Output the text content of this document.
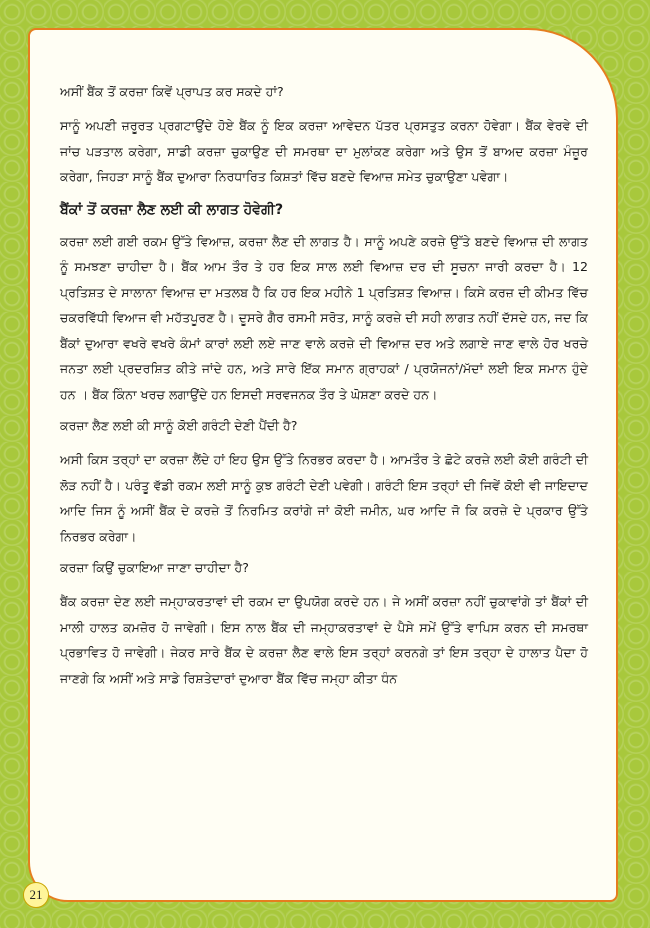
ਅਸੀਂ ਬੈਂਕ ਤੋਂ ਕਰਜ਼ਾ ਕਿਵੇਂ ਪ੍ਰਾਪਤ ਕਰ ਸਕਦੇ ਹਾਂ?
ਸਾਨੂੰ ਅਪਣੀ ਜ਼ਰੂਰਤ ਪ੍ਰਗਟਾਉਂਦੇ ਹੋਏ ਬੈਂਕ ਨੂੰ ਇਕ ਕਰਜ਼ਾ ਆਵੇਦਨ ਪੱਤਰ ਪ੍ਰਸਤੁਤ ਕਰਨਾ ਹੋਵੇਗਾ। ਬੈਂਕ ਵੇਰਵੇ ਦੀ ਜਾਂਚ ਪੜਤਾਲ ਕਰੇਗਾ, ਸਾਡੀ ਕਰਜ਼ਾ ਚੁਕਾਉਣ ਦੀ ਸਮਰਥਾ ਦਾ ਮੁਲਾਂਕਣ ਕਰੇਗਾ ਅਤੇ ਉਸ ਤੋਂ ਬਾਅਦ ਕਰਜ਼ਾ ਮੰਜ਼ੂਰ ਕਰੇਗਾ, ਜਿਹੜਾ ਸਾਨੂੰ ਬੈਂਕ ਦੁਆਰਾ ਨਿਰਧਾਰਿਤ ਕਿਸ਼ਤਾਂ ਵਿੱਚ ਬਣਦੇ ਵਿਆਜ਼ ਸਮੇਤ ਚੁਕਾਉਣਾ ਪਵੇਗਾ।
ਬੈਂਕਾਂ ਤੋਂ ਕਰਜ਼ਾ ਲੈਣ ਲਈ ਕੀ ਲਾਗਤ ਹੋਵੇਗੀ?
ਕਰਜ਼ਾ ਲਈ ਗਈ ਰਕਮ ਉੱਤੇ ਵਿਆਜ਼, ਕਰਜ਼ਾ ਲੈਣ ਦੀ ਲਾਗਤ ਹੈ। ਸਾਨੂੰ ਅਪਣੇ ਕਰਜ਼ੇ ਉੱਤੇ ਬਣਦੇ ਵਿਆਜ਼ ਦੀ ਲਾਗਤ ਨੂੰ ਸਮਝਣਾ ਚਾਹੀਦਾ ਹੈ। ਬੈਂਕ ਆਮ ਤੌਰ ਤੇ ਹਰ ਇਕ ਸਾਲ ਲਈ ਵਿਆਜ਼ ਦਰ ਦੀ ਸੂਚਨਾ ਜਾਰੀ ਕਰਦਾ ਹੈ। 12 ਪ੍ਰਤਿਸ਼ਤ ਦੇ ਸਾਲਾਨਾ ਵਿਆਜ਼ ਦਾ ਮਤਲਬ ਹੈ ਕਿ ਹਰ ਇਕ ਮਹੀਨੇ 1 ਪ੍ਰਤਿਸ਼ਤ ਵਿਆਜ਼। ਕਿਸੇ ਕਰਜ਼ ਦੀ ਕੀਮਤ ਵਿੱਚ ਚਕਰਵਿੱਧੀ ਵਿਆਜ ਵੀ ਮਹੱਤਪੂਰਣ ਹੈ। ਦੂਸਰੇ ਗੈਰ ਰਸਮੀ ਸਰੋਤ, ਸਾਨੂੰ ਕਰਜ਼ੇ ਦੀ ਸਹੀ ਲਾਗਤ ਨਹੀਂ ਦੱਸਦੇ ਹਨ, ਜਦ ਕਿ ਬੈਂਕਾਂ ਦੁਆਰਾ ਵਖਰੇ ਵਖਰੇ ਕੰਮਾਂ ਕਾਰਾਂ ਲਈ ਲਏ ਜਾਣ ਵਾਲੇ ਕਰਜ਼ੇ ਦੀ ਵਿਆਜ਼ ਦਰ ਅਤੇ ਲਗਾਏ ਜਾਣ ਵਾਲੇ ਹੋਰ ਖਰਚੇ ਜਨਤਾ ਲਈ ਪ੍ਰਦਰਸ਼ਿਤ ਕੀਤੇ ਜਾਂਦੇ ਹਨ, ਅਤੇ ਸਾਰੇ ਇੱਕ ਸਮਾਨ ਗ੍ਰਾਹਕਾਂ / ਪ੍ਰਯੋਜਨਾਂ/ਮੱਦਾਂ ਲਈ ਇਕ ਸਮਾਨ ਹੁੰਦੇ ਹਨ । ਬੈਂਕ ਕਿੰਨਾ ਖਰਚ ਲਗਾਉਂਦੇ ਹਨ ਇਸਦੀ ਸਰਵਜਨਕ ਤੌਰ ਤੇ ਘੋਸ਼ਣਾ ਕਰਦੇ ਹਨ।
ਕਰਜ਼ਾ ਲੈਣ ਲਈ ਕੀ ਸਾਨੂੰ ਕੋਈ ਗਰੰਟੀ ਦੇਣੀ ਪੈਂਦੀ ਹੈ?
ਅਸੀ ਕਿਸ ਤਰ੍ਹਾਂ ਦਾ ਕਰਜ਼ਾ ਲੈਂਦੇ ਹਾਂ ਇਹ ਉਸ ਉੱਤੇ ਨਿਰਭਰ ਕਰਦਾ ਹੈ। ਆਮਤੌਰ ਤੇ ਛੋਟੇ ਕਰਜ਼ੇ ਲਈ ਕੋਈ ਗਰੰਟੀ ਦੀ ਲੋੜ ਨਹੀਂ ਹੈ। ਪਰੰਤੂ ਵੱਡੀ ਰਕਮ ਲਈ ਸਾਨੂੰ ਕੁਝ ਗਰੰਟੀ ਦੇਣੀ ਪਵੇਗੀ। ਗਰੰਟੀ ਇਸ ਤਰ੍ਹਾਂ ਦੀ ਜਿਵੇਂ ਕੋਈ ਵੀ ਜਾਇਦਾਦ ਆਦਿ ਜਿਸ ਨੂੰ ਅਸੀਂ ਬੈਂਕ ਦੇ ਕਰਜ਼ੇ ਤੋਂ ਨਿਰਮਿਤ ਕਰਾਂਗੇ ਜਾਂ ਕੋਈ ਜਮੀਨ, ਘਰ ਆਦਿ ਜੋ ਕਿ ਕਰਜ਼ੇ ਦੇ ਪ੍ਰਕਾਰ ਉੱਤੇ ਨਿਰਭਰ ਕਰੇਗਾ।
ਕਰਜ਼ਾ ਕਿਉਂ ਚੁਕਾਇਆ ਜਾਣਾ ਚਾਹੀਦਾ ਹੈ?
ਬੈਂਕ ਕਰਜ਼ਾ ਦੇਣ ਲਈ ਜਮ੍ਹਾਕਰਤਾਵਾਂ ਦੀ ਰਕਮ ਦਾ ਉਪਯੋਗ ਕਰਦੇ ਹਨ। ਜੇ ਅਸੀਂ ਕਰਜ਼ਾ ਨਹੀਂ ਚੁਕਾਵਾਂਗੇ ਤਾਂ ਬੈਂਕਾਂ ਦੀ ਮਾਲੀ ਹਾਲਤ ਕਮਜ਼ੋਰ ਹੋ ਜਾਵੇਗੀ। ਇਸ ਨਾਲ ਬੈਂਕ ਦੀ ਜਮ੍ਹਾਕਰਤਾਵਾਂ ਦੇ ਪੈਸੇ ਸਮੇਂ ਉੱਤੇ ਵਾਪਿਸ ਕਰਨ ਦੀ ਸਮਰਥਾ ਪ੍ਰਭਾਵਿਤ ਹੋ ਜਾਵੇਗੀ। ਜੇਕਰ ਸਾਰੇ ਬੈਂਕ ਦੇ ਕਰਜ਼ਾ ਲੈਣ ਵਾਲੇ ਇਸ ਤਰ੍ਹਾਂ ਕਰਨਗੇ ਤਾਂ ਇਸ ਤਰ੍ਹਾ ਦੇ ਹਾਲਾਤ ਪੈਦਾ ਹੋ ਜਾਣਗੇ ਕਿ ਅਸੀਂ ਅਤੇ ਸਾਡੇ ਰਿਸ਼ਤੇਦਾਰਾਂ ਦੁਆਰਾ ਬੈਂਕ ਵਿੱਚ ਜਮ੍ਹਾ ਕੀਤਾ ਧੰਨ
21
